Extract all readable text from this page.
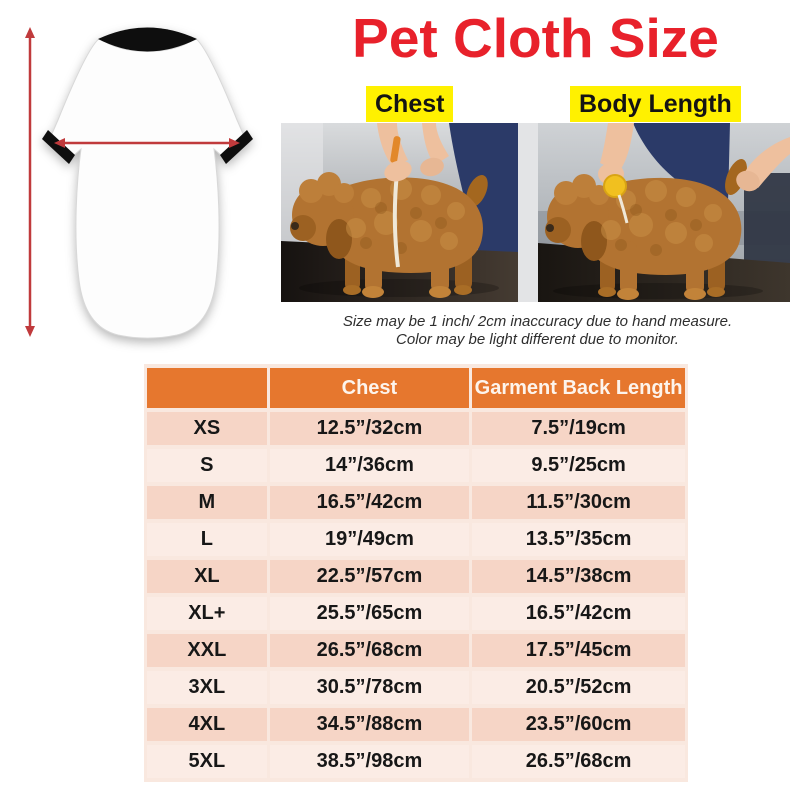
Pet Cloth Size
Chest	Body Length

Size may be 1 inch/ 2cm inaccuracy due to hand measure.
Color may be light different due to monitor.

	Chest	Garment Back Length
XS	12.5”/32cm	7.5”/19cm
S	14”/36cm	9.5”/25cm
M	16.5”/42cm	11.5”/30cm
L	19”/49cm	13.5”/35cm
XL	22.5”/57cm	14.5”/38cm
XL+	25.5”/65cm	16.5”/42cm
XXL	26.5”/68cm	17.5”/45cm
3XL	30.5”/78cm	20.5”/52cm
4XL	34.5”/88cm	23.5”/60cm
5XL	38.5”/98cm	26.5”/68cm
